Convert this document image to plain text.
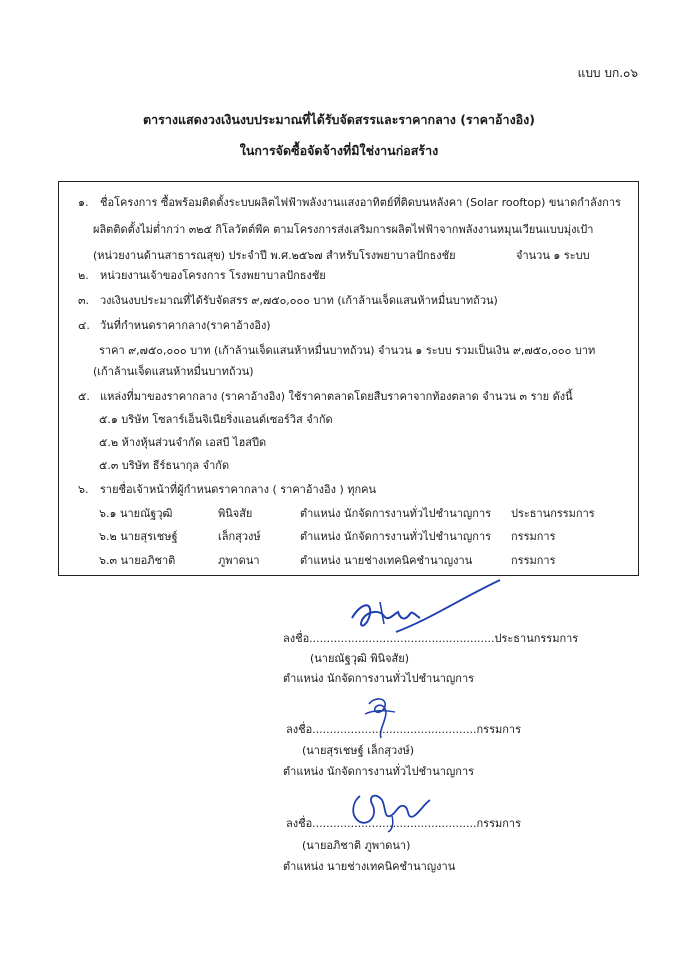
แบบ บก.๐๖
ตารางแสดงวงเงินงบประมาณที่ได้รับจัดสรรและราคากลาง (ราคาอ้างอิง)
ในการจัดซื้อจัดจ้างที่มิใช่งานก่อสร้าง
๑. ชื่อโครงการ ซื้อพร้อมติดตั้งระบบผลิตไฟฟ้าพลังงานแสงอาทิตย์ที่ติดบนหลังคา (Solar rooftop) ขนาดกำลังการ
ผลิตติดตั้งไม่ต่ำกว่า ๓๒๕ กิโลวัตต์พีค ตามโครงการส่งเสริมการผลิตไฟฟ้าจากพลังงานหมุนเวียนแบบมุ่งเป้า
(หน่วยงานด้านสาธารณสุข) ประจำปี พ.ศ.๒๕๖๗ สำหรับโรงพยาบาลปักธงชัย	จำนวน ๑ ระบบ
๒. หน่วยงานเจ้าของโครงการ โรงพยาบาลปักธงชัย
๓. วงเงินงบประมาณที่ได้รับจัดสรร ๙,๗๕๐,๐๐๐ บาท (เก้าล้านเจ็ดแสนห้าหมื่นบาทถ้วน)
๔. วันที่กำหนดราคากลาง(ราคาอ้างอิง)
ราคา ๙,๗๕๐,๐๐๐ บาท (เก้าล้านเจ็ดแสนห้าหมื่นบาทถ้วน) จำนวน ๑ ระบบ รวมเป็นเงิน ๙,๗๕๐,๐๐๐ บาท
(เก้าล้านเจ็ดแสนห้าหมื่นบาทถ้วน)
๕. แหล่งที่มาของราคากลาง (ราคาอ้างอิง) ใช้ราคาตลาดโดยสืบราคาจากท้องตลาด จำนวน ๓ ราย ดังนี้
๕.๑ บริษัท โซลาร์เอ็นจิเนียริ่งแอนด์เซอร์วิส จำกัด
๕.๒ ห้างหุ้นส่วนจำกัด เอสบี ไฮสปีด
๕.๓ บริษัท ธีร์ธนากุล จำกัด
๖. รายชื่อเจ้าหน้าที่ผู้กำหนดราคากลาง ( ราคาอ้างอิง ) ทุกคน
๖.๑ นายณัฐวุฒิ	พินิจสัย	ตำแหน่ง นักจัดการงานทั่วไปชำนาญการ ประธานกรรมการ
๖.๒ นายสุรเชษฐ์	เล็กสุวงษ์	ตำแหน่ง นักจัดการงานทั่วไปชำนาญการ กรรมการ
๖.๓ นายอภิชาติ	ภูพาดนา	ตำแหน่ง นายช่างเทคนิคชำนาญงาน	กรรมการ
ลงชื่อ.....................................................ประธานกรรมการ
(นายณัฐวุฒิ พินิจสัย)
ตำแหน่ง นักจัดการงานทั่วไปชำนาญการ
ลงชื่อ...............................................กรรมการ
(นายสุรเชษฐ์ เล็กสุวงษ์)
ตำแหน่ง นักจัดการงานทั่วไปชำนาญการ
ลงชื่อ...............................................กรรมการ
(นายอภิชาติ ภูพาดนา)
ตำแหน่ง นายช่างเทคนิคชำนาญงาน
